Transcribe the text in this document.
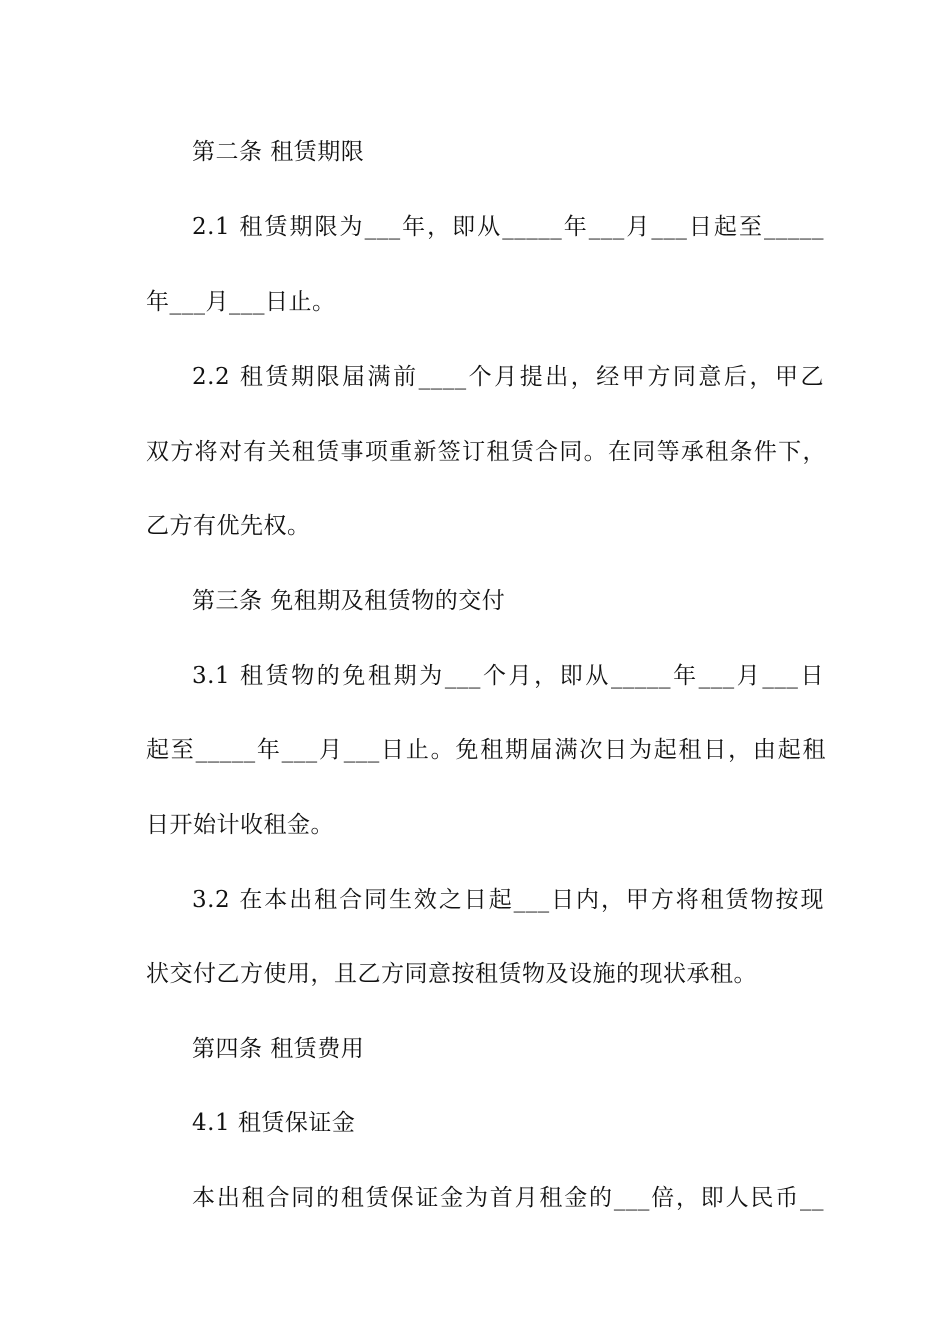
第二条 租赁期限
2.1 租赁期限为___年，即从_____年___月___日起至_____
年___月___日止。
2.2 租赁期限届满前____个月提出，经甲方同意后，甲乙
双方将对有关租赁事项重新签订租赁合同。在同等承租条件下，
乙方有优先权。
第三条 免租期及租赁物的交付
3.1 租赁物的免租期为___个月，即从_____年___月___日
起至_____年___月___日止。免租期届满次日为起租日，由起租
日开始计收租金。
3.2 在本出租合同生效之日起___日内，甲方将租赁物按现
状交付乙方使用，且乙方同意按租赁物及设施的现状承租。
第四条 租赁费用
4.1 租赁保证金
本出租合同的租赁保证金为首月租金的___倍，即人民币__
